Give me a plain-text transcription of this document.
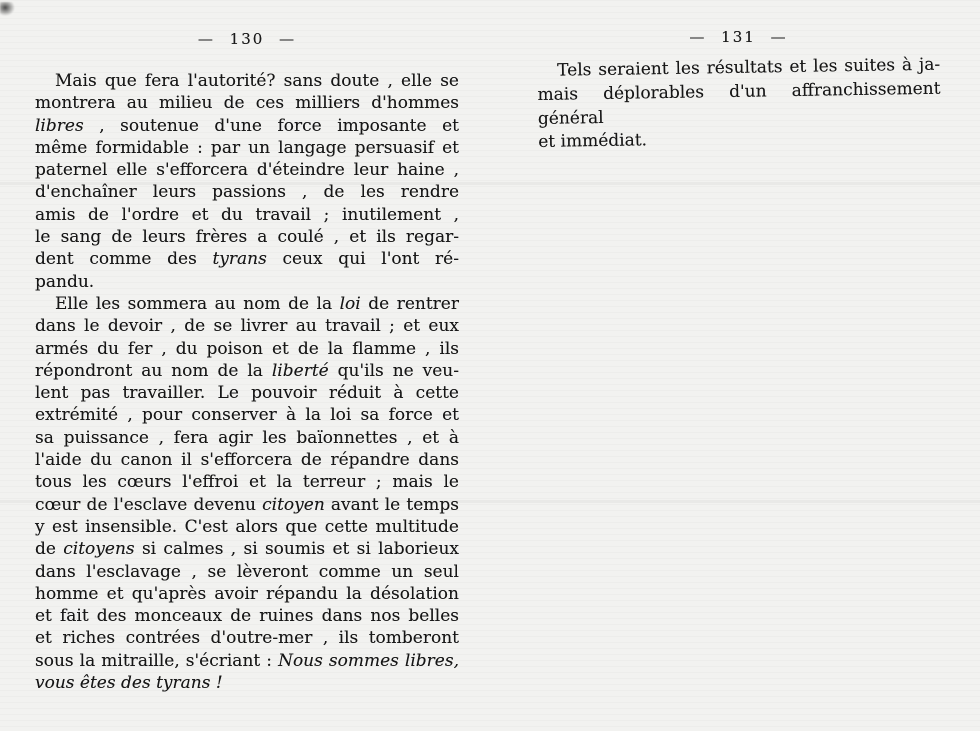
— 130 —

Mais que fera l'autorité? sans doute , elle se
montrera au milieu de ces milliers d'hommes
libres , soutenue d'une force imposante et
même formidable : par un langage persuasif et
paternel elle s'efforcera d'éteindre leur haine ,
d'enchaîner leurs passions , de les rendre
amis de l'ordre et du travail ; inutilement ,
le sang de leurs frères a coulé , et ils regar-
dent comme des tyrans ceux qui l'ont ré-
pandu.

Elle les sommera au nom de la loi de rentrer
dans le devoir , de se livrer au travail ; et eux
armés du fer , du poison et de la flamme , ils
répondront au nom de la liberté qu'ils ne veu-
lent pas travailler. Le pouvoir réduit à cette
extrémité , pour conserver à la loi sa force et
sa puissance , fera agir les baïonnettes , et à
l'aide du canon il s'efforcera de répandre dans
tous les cœurs l'effroi et la terreur ; mais le
cœur de l'esclave devenu citoyen avant le temps
y est insensible. C'est alors que cette multitude
de citoyens si calmes , si soumis et si laborieux
dans l'esclavage , se lèveront comme un seul
homme et qu'après avoir répandu la désolation
et fait des monceaux de ruines dans nos belles
et riches contrées d'outre-mer , ils tomberont
sous la mitraille, s'écriant : Nous sommes libres,
vous êtes des tyrans !

— 131 —

Tels seraient les résultats et les suites à ja-
mais déplorables d'un affranchissement général
et immédiat.
